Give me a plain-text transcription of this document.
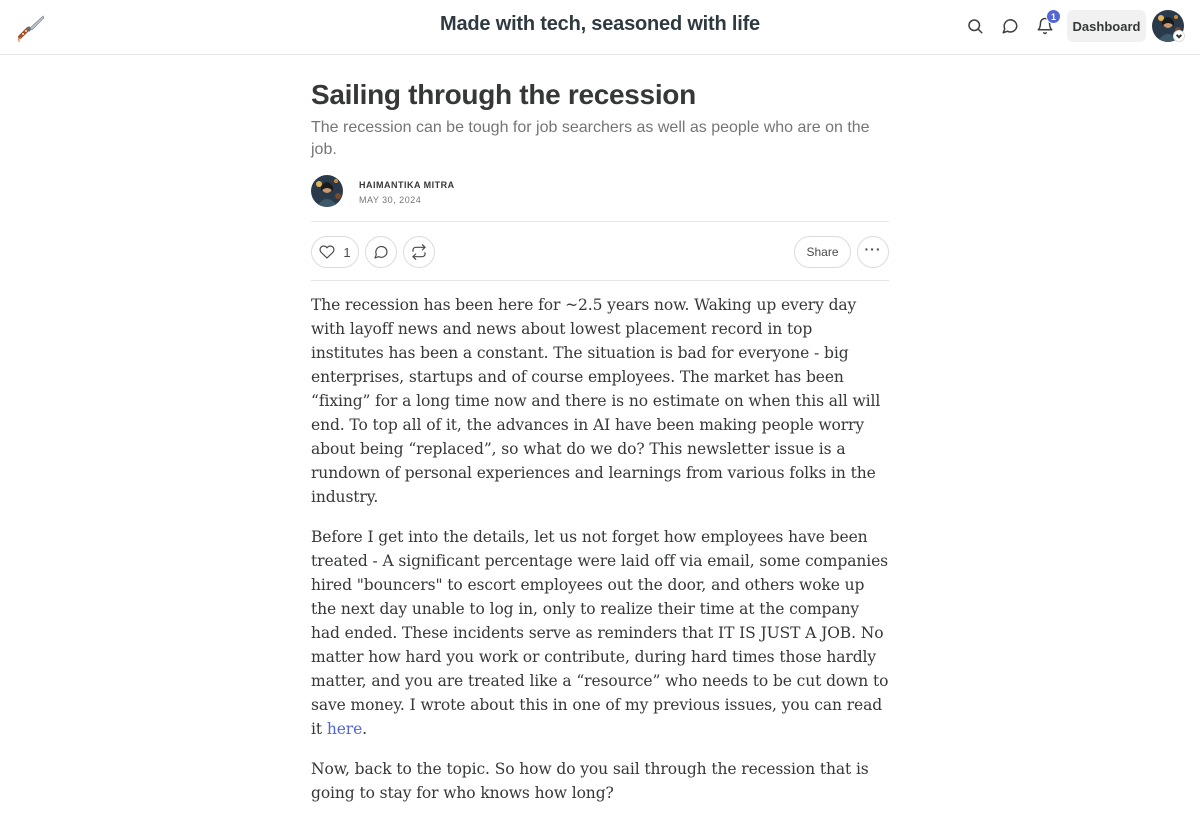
Made with tech, seasoned with life	1
Dashboard
Sailing through the recession
The recession can be tough for job searchers as well as people who are on the job.
HAIMANTIKA MITRA
MAY 30, 2024
1	Share	···

The recession has been here for ~2.5 years now. Waking up every day with layoff news and news about lowest placement record in top institutes has been a constant. The situation is bad for everyone - big enterprises, startups and of course employees. The market has been “fixing” for a long time now and there is no estimate on when this all will end. To top all of it, the advances in AI have been making people worry about being “replaced”, so what do we do? This newsletter issue is a rundown of personal experiences and learnings from various folks in the industry.

Before I get into the details, let us not forget how employees have been treated - A significant percentage were laid off via email, some companies hired "bouncers" to escort employees out the door, and others woke up the next day unable to log in, only to realize their time at the company had ended. These incidents serve as reminders that IT IS JUST A JOB. No matter how hard you work or contribute, during hard times those hardly matter, and you are treated like a “resource” who needs to be cut down to save money. I wrote about this in one of my previous issues, you can read it here.

Now, back to the topic. So how do you sail through the recession that is going to stay for who knows how long?
